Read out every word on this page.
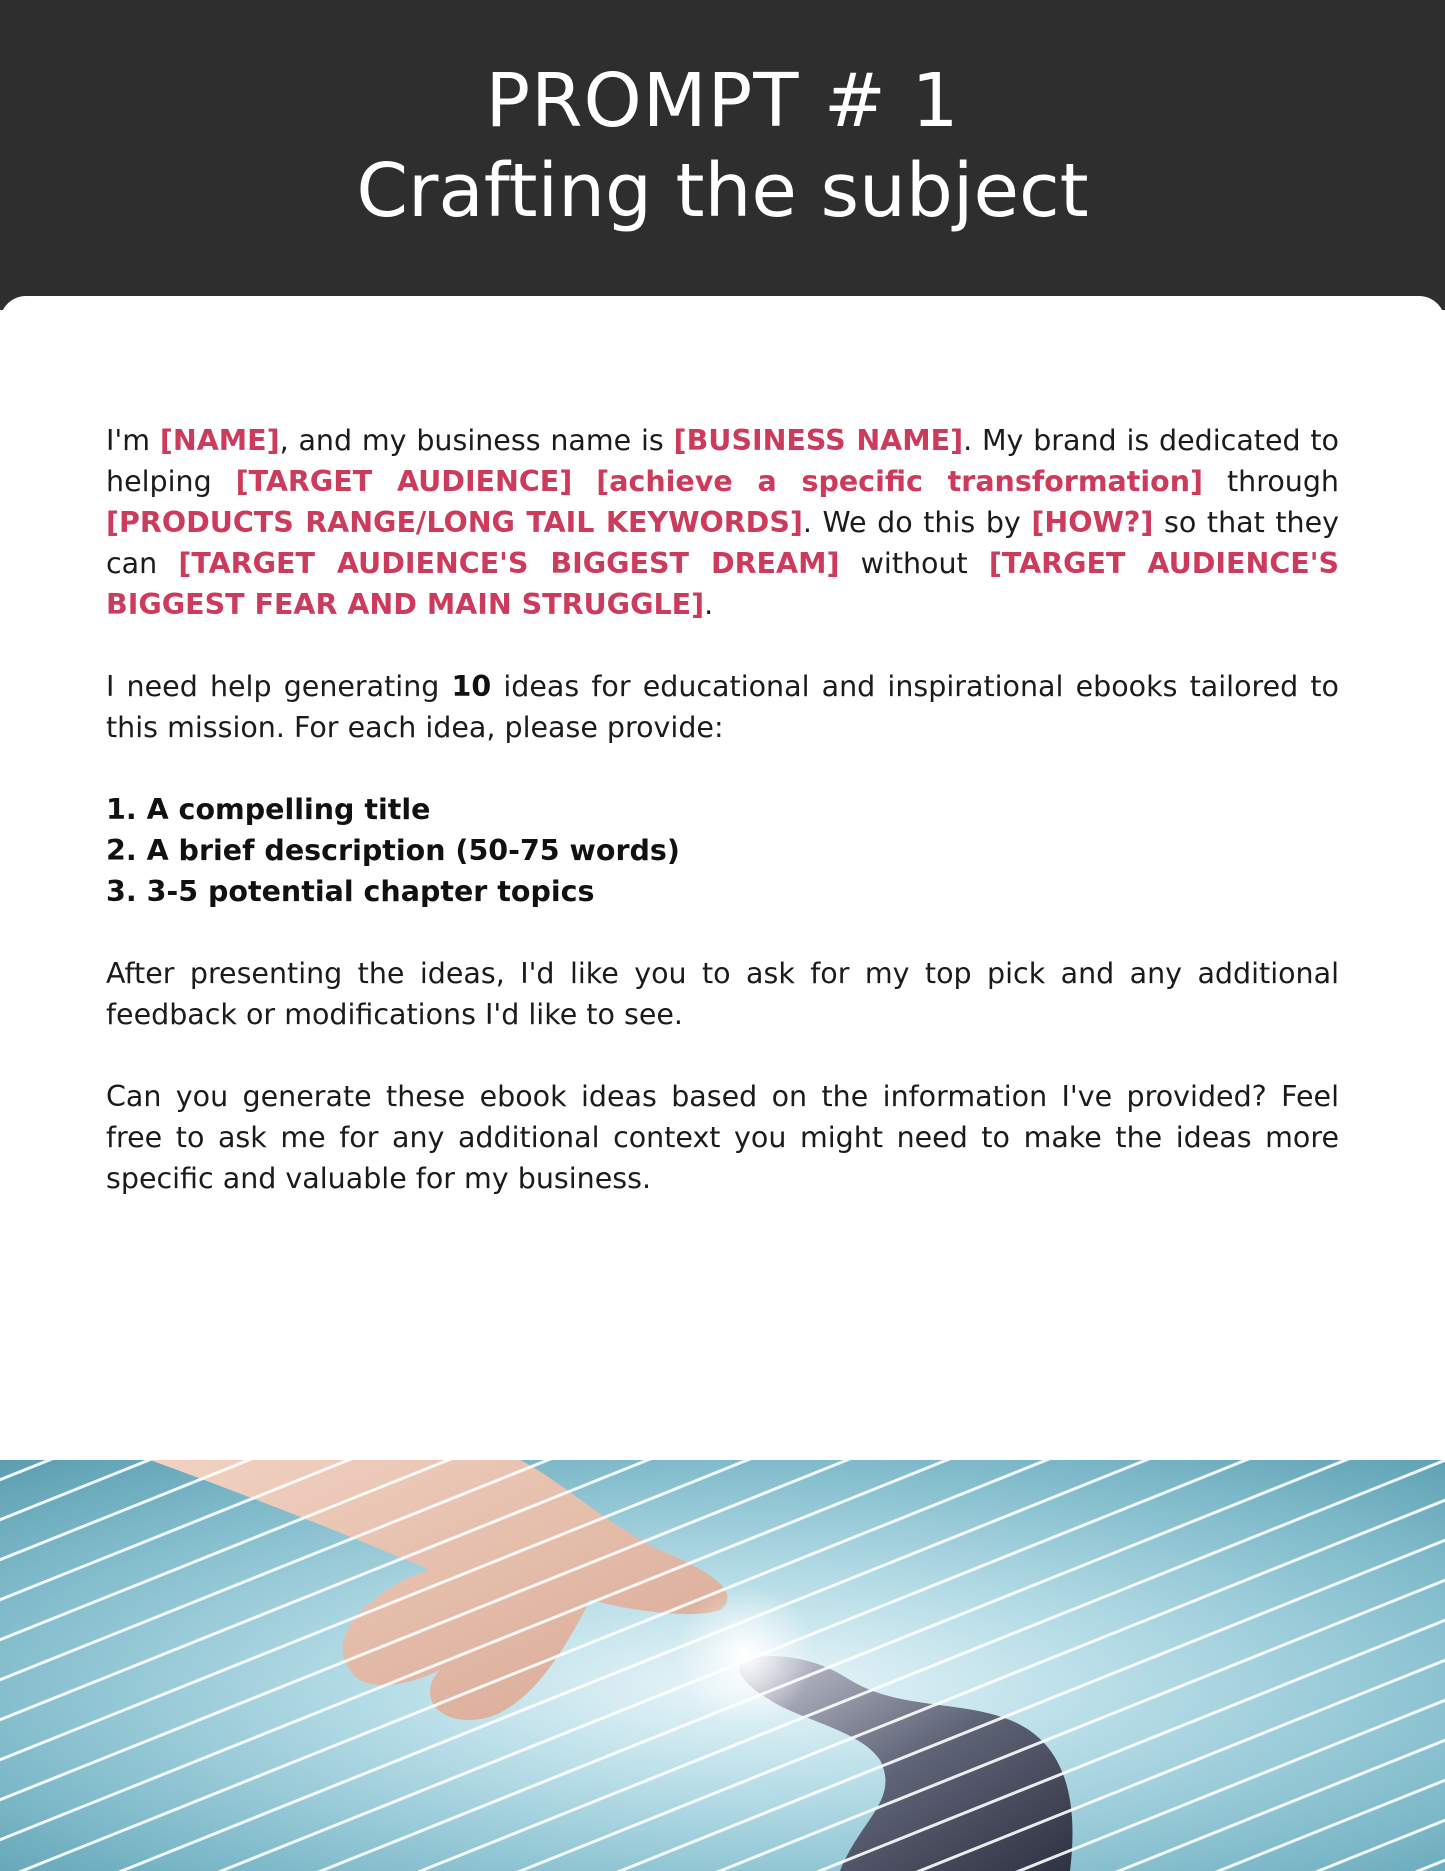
PROMPT # 1
Crafting the subject

I'm [NAME], and my business name is [BUSINESS NAME]. My brand is dedicated to helping [TARGET AUDIENCE] [achieve a specific transformation] through [PRODUCTS RANGE/LONG TAIL KEYWORDS]. We do this by [HOW?] so that they can [TARGET AUDIENCE'S BIGGEST DREAM] without [TARGET AUDIENCE'S BIGGEST FEAR AND MAIN STRUGGLE].

I need help generating 10 ideas for educational and inspirational ebooks tailored to this mission. For each idea, please provide:

1. A compelling title
2. A brief description (50-75 words)
3. 3-5 potential chapter topics

After presenting the ideas, I'd like you to ask for my top pick and any additional feedback or modifications I'd like to see.

Can you generate these ebook ideas based on the information I've provided? Feel free to ask me for any additional context you might need to make the ideas more specific and valuable for my business.
